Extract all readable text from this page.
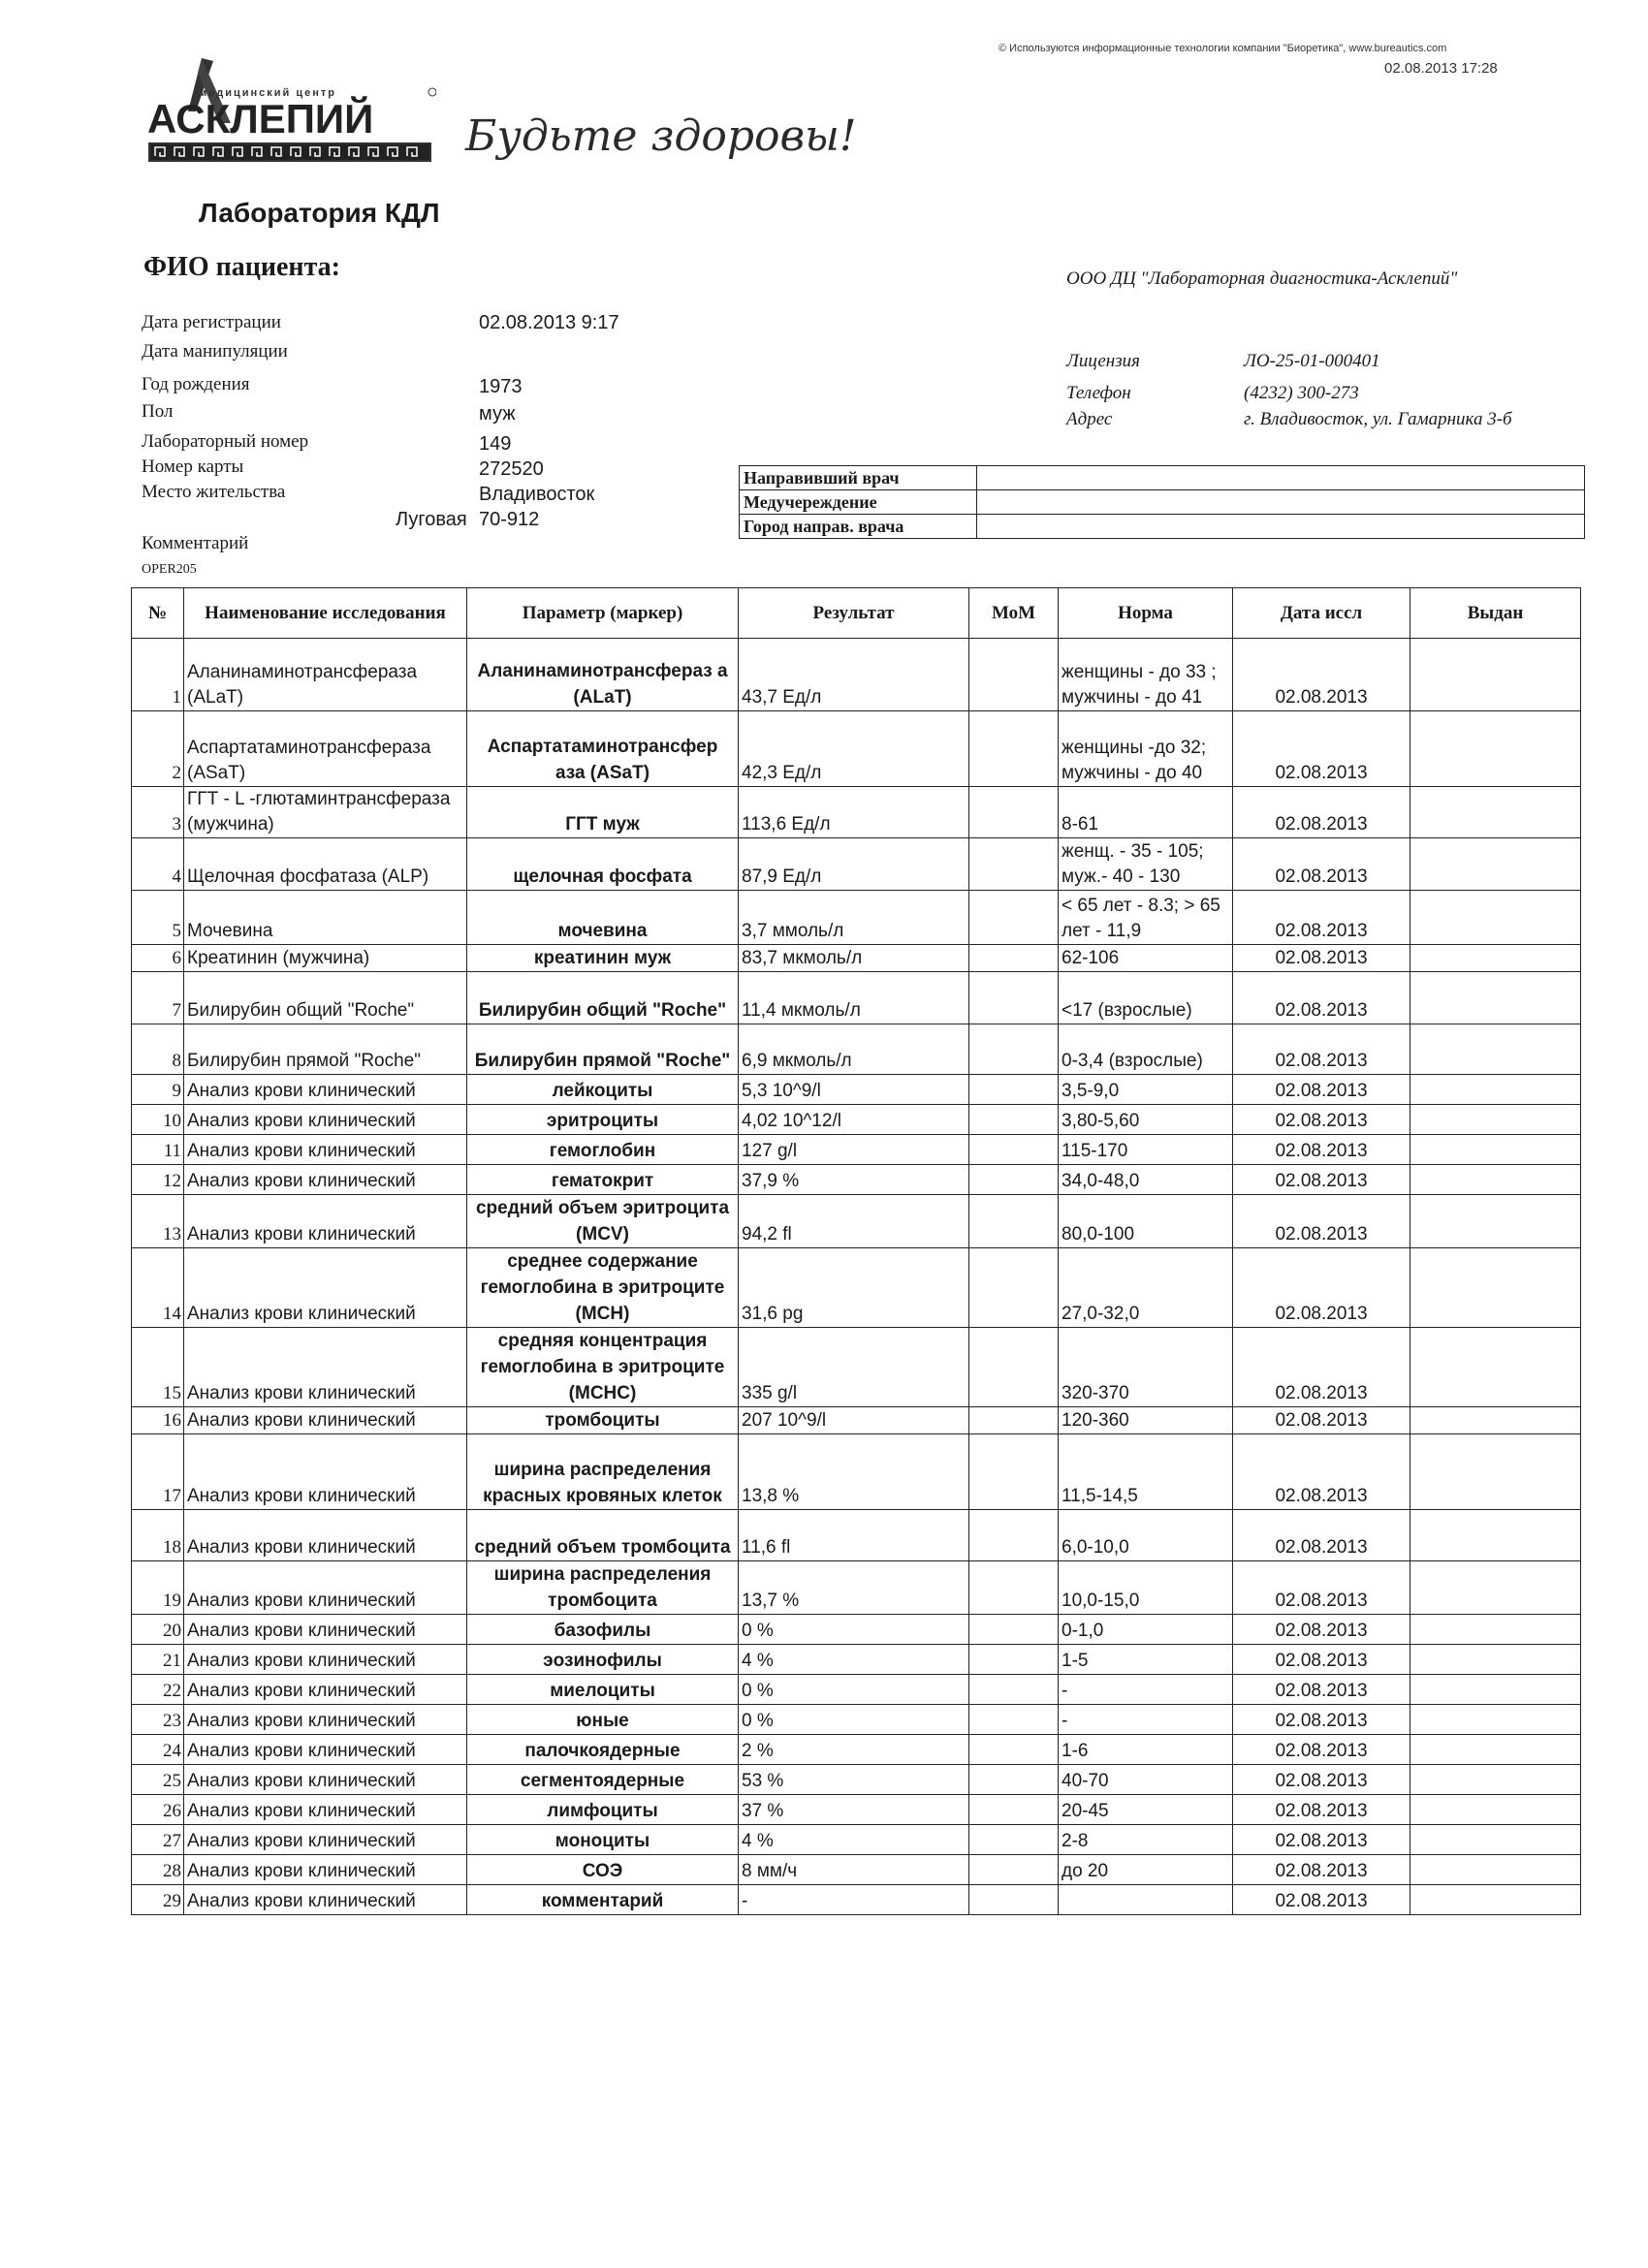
© Используются информационные технологии компании "Биоретика", www.bureautics.com
02.08.2013 17:28
медицинский центр
АСКЛЕПИЙ Будьте здоровы!
Лаборатория КДЛ
ФИО пациента:	ООО ДЦ "Лабораторная диагностика-Асклепий"
Дата регистрации	02.08.2013 9:17
Дата манипуляции
Год рождения	1973
Пол	муж
Лабораторный номер	149
Номер карты	272520
Место жительства	Владивосток
Луговая 70-912
Комментарий
OPER205
Лицензия	ЛО-25-01-000401
Телефон	(4232) 300-273
Адрес	г. Владивосток, ул. Гамарника 3-б
Направивший врач	
Медучереждение	
Город направ. врача	
№	Наименование исследования	Параметр (маркер)	Результат	МоМ	Норма	Дата иссл	Выдан
1	Аланинаминотрансфераза (ALaT)	Аланинаминотрансфераз а (ALaT)	43,7 Ед/л		женщины - до 33 ; мужчины - до 41	02.08.2013	
2	Аспартатаминотрансфераза (ASaT)	Аспартатаминотрансфер аза (ASaT)	42,3 Ед/л		женщины -до 32; мужчины - до 40	02.08.2013	
3	ГГТ - L -глютаминтрансфераза (мужчина)	ГГТ муж	113,6 Ед/л		8-61	02.08.2013	
4	Щелочная фосфатаза (ALP)	щелочная фосфата	87,9 Ед/л		женщ. - 35 - 105; муж.- 40 - 130	02.08.2013	
5	Мочевина	мочевина	3,7 ммоль/л		< 65 лет - 8.3; > 65 лет - 11,9	02.08.2013	
6	Креатинин (мужчина)	креатинин муж	83,7 мкмоль/л		62-106	02.08.2013	
7	Билирубин общий "Roche"	Билирубин общий "Roche"	11,4 мкмоль/л		<17 (взрослые)	02.08.2013	
8	Билирубин прямой "Roche"	Билирубин прямой "Roche"	6,9 мкмоль/л		0-3,4 (взрослые)	02.08.2013	
9	Анализ крови клинический	лейкоциты	5,3 10^9/l		3,5-9,0	02.08.2013	
10	Анализ крови клинический	эритроциты	4,02 10^12/l		3,80-5,60	02.08.2013	
11	Анализ крови клинический	гемоглобин	127 g/l		115-170	02.08.2013	
12	Анализ крови клинический	гематокрит	37,9 %		34,0-48,0	02.08.2013	
13	Анализ крови клинический	средний объем эритроцита (MCV)	94,2 fl		80,0-100	02.08.2013	
14	Анализ крови клинический	среднее содержание гемоглобина в эритроците (MCH)	31,6 pg		27,0-32,0	02.08.2013	
15	Анализ крови клинический	средняя концентрация гемоглобина в эритроците (MCHC)	335 g/l		320-370	02.08.2013	
16	Анализ крови клинический	тромбоциты	207 10^9/l		120-360	02.08.2013	
17	Анализ крови клинический	ширина распределения красных кровяных клеток	13,8 %		11,5-14,5	02.08.2013	
18	Анализ крови клинический	средний объем тромбоцита	11,6 fl		6,0-10,0	02.08.2013	
19	Анализ крови клинический	ширина распределения тромбоцита	13,7 %		10,0-15,0	02.08.2013	
20	Анализ крови клинический	базофилы	0 %		0-1,0	02.08.2013	
21	Анализ крови клинический	эозинофилы	4 %		1-5	02.08.2013	
22	Анализ крови клинический	миелоциты	0 %		-	02.08.2013	
23	Анализ крови клинический	юные	0 %		-	02.08.2013	
24	Анализ крови клинический	палочкоядерные	2 %		1-6	02.08.2013	
25	Анализ крови клинический	сегментоядерные	53 %		40-70	02.08.2013	
26	Анализ крови клинический	лимфоциты	37 %		20-45	02.08.2013	
27	Анализ крови клинический	моноциты	4 %		2-8	02.08.2013	
28	Анализ крови клинический	СОЭ	8 мм/ч		до 20	02.08.2013	
29	Анализ крови клинический	комментарий	-			02.08.2013	
